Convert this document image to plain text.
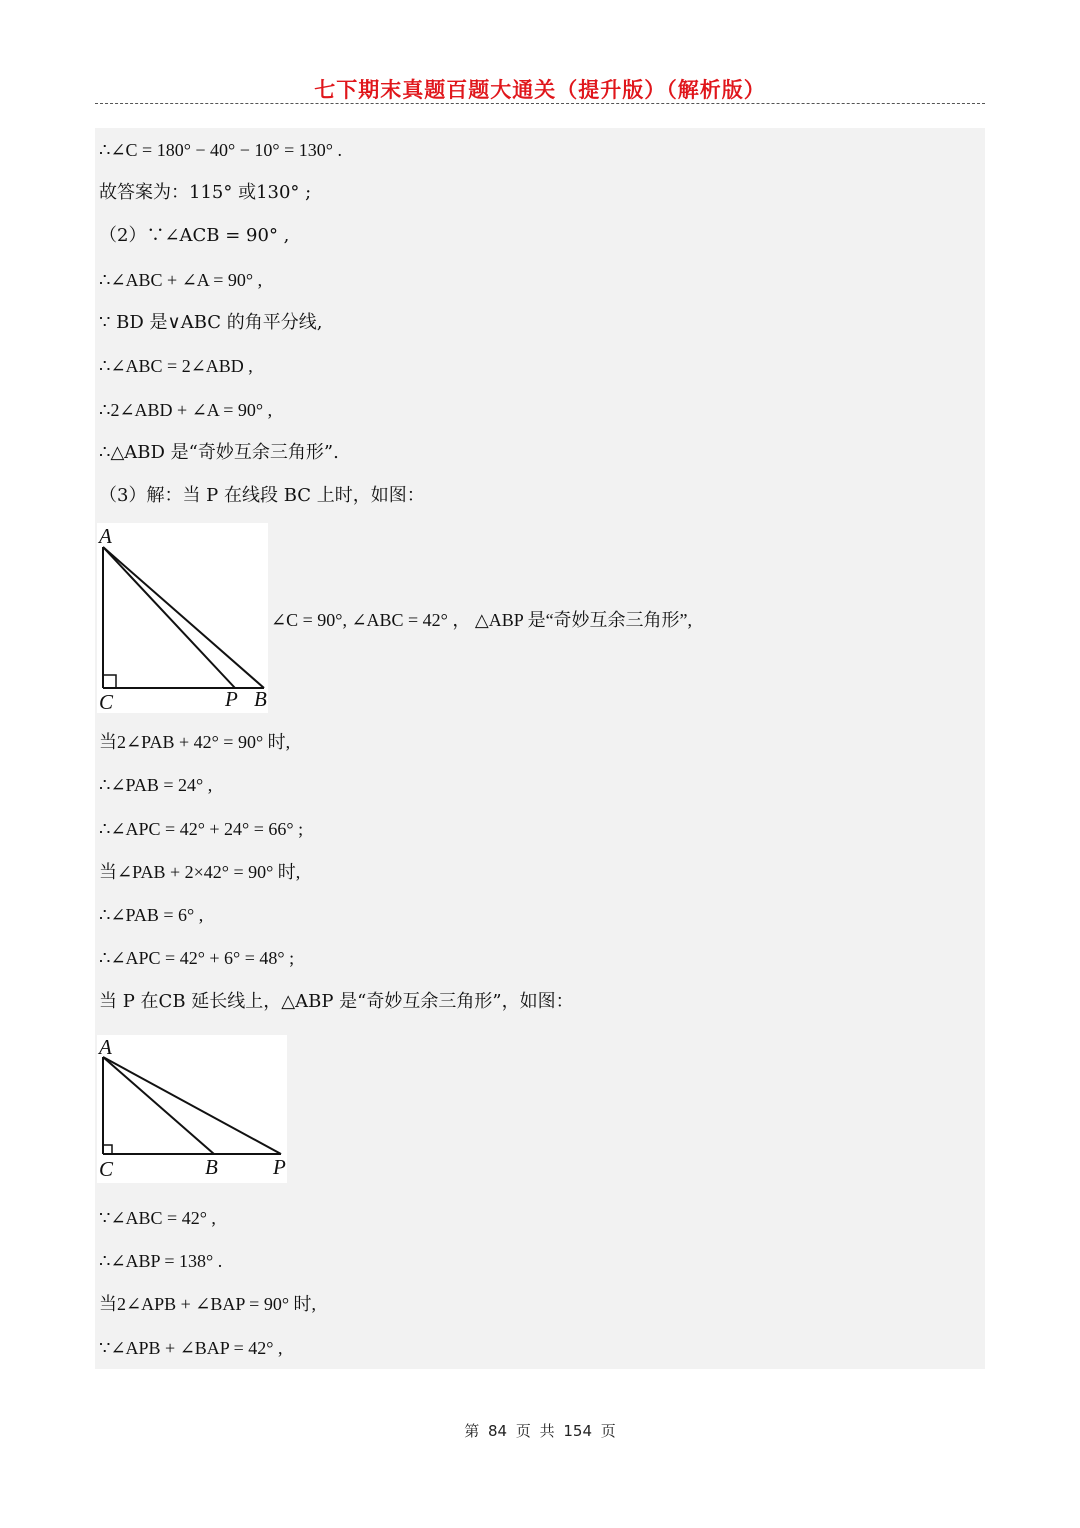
七下期末真题百题大通关（提升版）（解析版）
∴∠C = 180° − 40° − 10° = 130° .
故答案为：115° 或130° ;
（2）∵∠ACB = 90° ,
∴∠ABC + ∠A = 90° ,
∵ BD 是∨ABC 的角平分线,
∴∠ABC = 2∠ABD ,
∴2∠ABD + ∠A = 90° ,
∴△ABD 是“奇妙互余三角形”.
（3）解：当 P 在线段 BC 上时，如图：
A
C	P B
∠C = 90°, ∠ABC = 42° ， △ABP 是“奇妙互余三角形”,
当2∠PAB + 42° = 90° 时,
∴∠PAB = 24° ,
∴∠APC = 42° + 24° = 66° ;
当∠PAB + 2×42° = 90° 时,
∴∠PAB = 6° ,
∴∠APC = 42° + 6° = 48° ;
当 P 在CB 延长线上，△ABP 是“奇妙互余三角形”，如图：
A
C	B	P
∵∠ABC = 42° ,
∴∠ABP = 138° .
当2∠APB + ∠BAP = 90° 时,
∵∠APB + ∠BAP = 42° ,
第 84 页 共 154 页
